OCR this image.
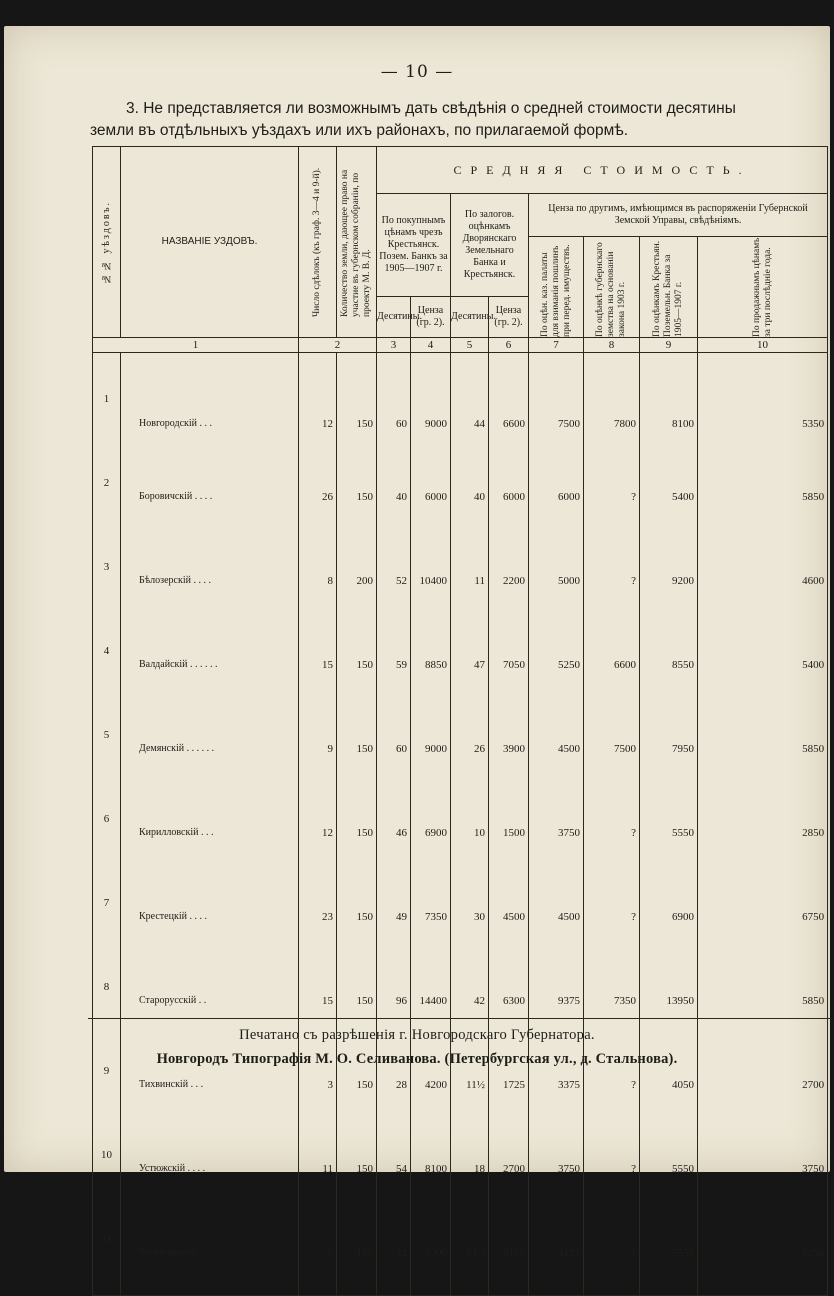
— 10 —
3. Не представляется ли возможнымъ дать свѣдѣнія о средней стоимости десятины
земли въ отдѣльныхъ уѣздахъ или ихъ районахъ, по прилагаемой формѣ.
№№ уѣздовъ.	НАЗВАНІЕ УЗДОВЪ.	Число сдѣлокъ (къ граф. 3—4 и 9-й).	Количество земли, дающее право на участие въ губернском собраніи, по проекту М. В. Д.	СРЕДНЯЯ СТОИМОСТЬ.							
				По покупнымъ цѣнамъ чрезъ Крестьянск. Позем. Банкъ за 1905—1907 г.		По залогов. оцѣнкамъ Дворянскаго Земельнаго Банка и Крестьянск.		Ценза по другимъ, имѣющимся въ распоряженіи Губернской Земской Управы, свѣдѣніямъ.			

								По оцѣн. каз. палаты для взиманія пошлинъ при перед. имуществъ.	По оцѣнкѣ губернскаго земства на основаніи закона 1903 г.	По оцѣнкамъ Крестьян. Поземельн. Банка за 1905—1907 г.	По продажнымъ цѣнамъ за три послѣдніе года.

				Десятины.	Ценза (гр. 2).	Десятины.	Ценза (гр. 2).				
1		2		3	4	5	6	7	8	9	10
1	Новгородскій . . .	12	150	60	9000	44	6600	7500	7800	8100	5350
2	Боровичскій . . . .	26	150	40	6000	40	6000	6000	?	5400	5850
3	Бѣлозерскій . . . .	8	200	52	10400	11	2200	5000	?	9200	4600
4	Валдайскій . . . . . .	15	150	59	8850	47	7050	5250	6600	8550	5400
5	Демянскій . . . . . .	9	150	60	9000	26	3900	4500	7500	7950	5850
6	Кирилловскій . . .	12	150	46	6900	10	1500	3750	?	5550	2850
7	Крестецкій . . . .	23	150	49	7350	30	4500	4500	?	6900	6750
8	Старорусскій . .	15	150	96	14400	42	6300	9375	7350	13950	5850
9	Тихвинскій . . .	3	150	28	4200	11½	1725	3375	?	4050	2700
10	Устюжскій . . . .	11	150	54	8100	18	2700	3750	?	5550	3750
11	Череповецкій . . . . . .	7	150	42	6300	34½	5175	4125	?	5550	5250
Печатано съ разрѣшенія г. Новгородскаго Губернатора.
Новгородъ Типографія М. О. Селиванова. (Петербургская ул., д. Стальнова).
